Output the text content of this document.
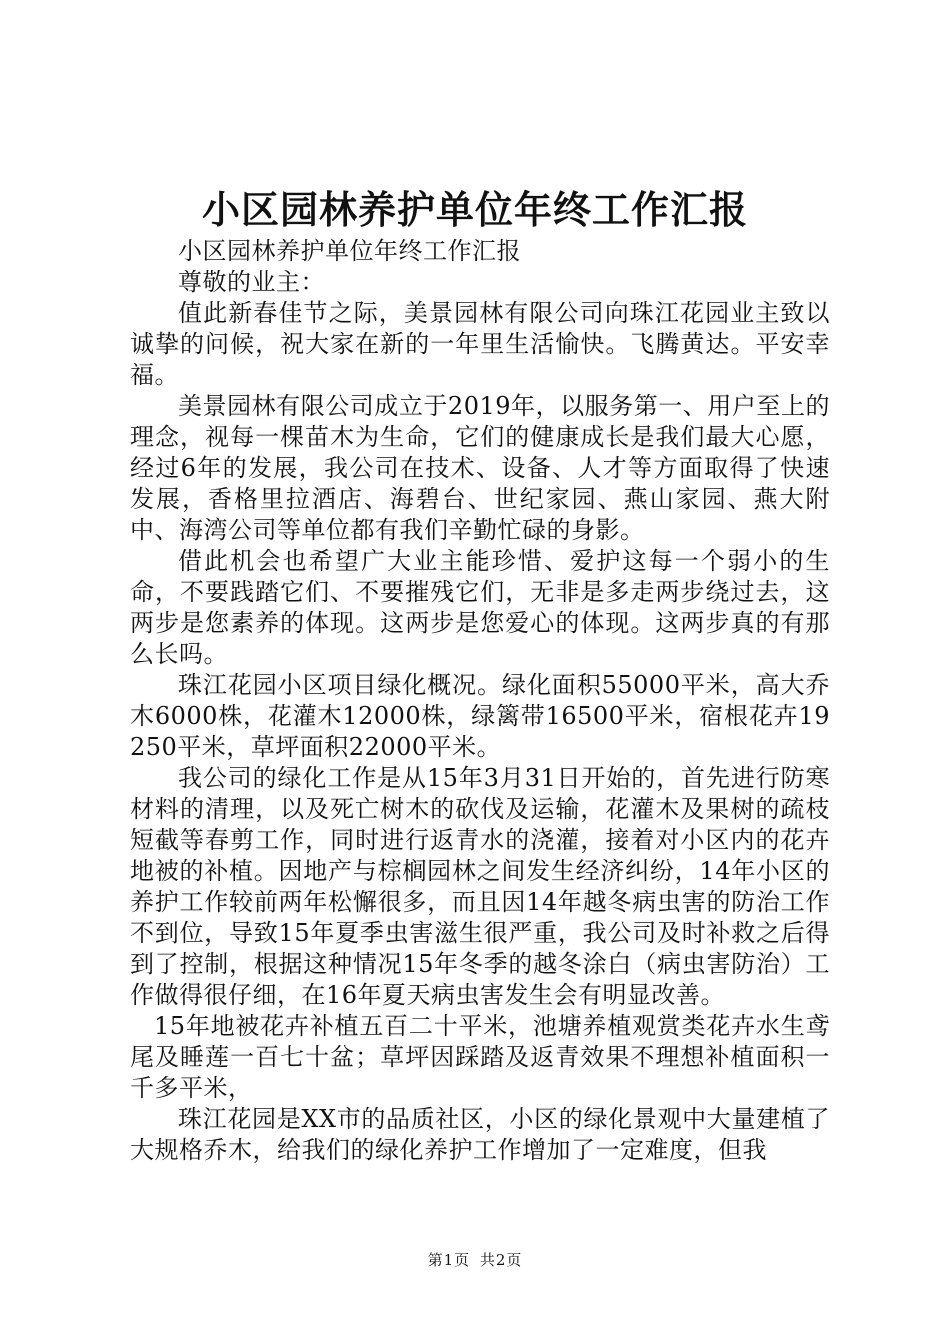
小区园林养护单位年终工作汇报

小区园林养护单位年终工作汇报

尊敬的业主：

值此新春佳节之际，美景园林有限公司向珠江花园业主致以诚挚的问候，祝大家在新的一年里生活愉快。飞腾黄达。平安幸福。

美景园林有限公司成立于2019年，以服务第一、用户至上的理念，视每一棵苗木为生命，它们的健康成长是我们最大心愿，经过6年的发展，我公司在技术、设备、人才等方面取得了快速发展，香格里拉酒店、海碧台、世纪家园、燕山家园、燕大附中、海湾公司等单位都有我们辛勤忙碌的身影。

借此机会也希望广大业主能珍惜、爱护这每一个弱小的生命，不要践踏它们、不要摧残它们，无非是多走两步绕过去，这两步是您素养的体现。这两步是您爱心的体现。这两步真的有那么长吗。

珠江花园小区项目绿化概况。绿化面积55000平米，高大乔木6000株，花灌木12000株，绿篱带16500平米，宿根花卉19250平米，草坪面积22000平米。

我公司的绿化工作是从15年3月31日开始的，首先进行防寒材料的清理，以及死亡树木的砍伐及运输，花灌木及果树的疏枝短截等春剪工作，同时进行返青水的浇灌，接着对小区内的花卉地被的补植。因地产与棕榈园林之间发生经济纠纷，14年小区的养护工作较前两年松懈很多，而且因14年越冬病虫害的防治工作不到位，导致15年夏季虫害滋生很严重，我公司及时补救之后得到了控制，根据这种情况15年冬季的越冬涂白（病虫害防治）工作做得很仔细，在16年夏天病虫害发生会有明显改善。

15年地被花卉补植五百二十平米，池塘养植观赏类花卉水生鸢尾及睡莲一百七十盆；草坪因踩踏及返青效果不理想补植面积一千多平米，

珠江花园是XX市的品质社区，小区的绿化景观中大量建植了大规格乔木，给我们的绿化养护工作增加了一定难度，但我

第1页 共2页
